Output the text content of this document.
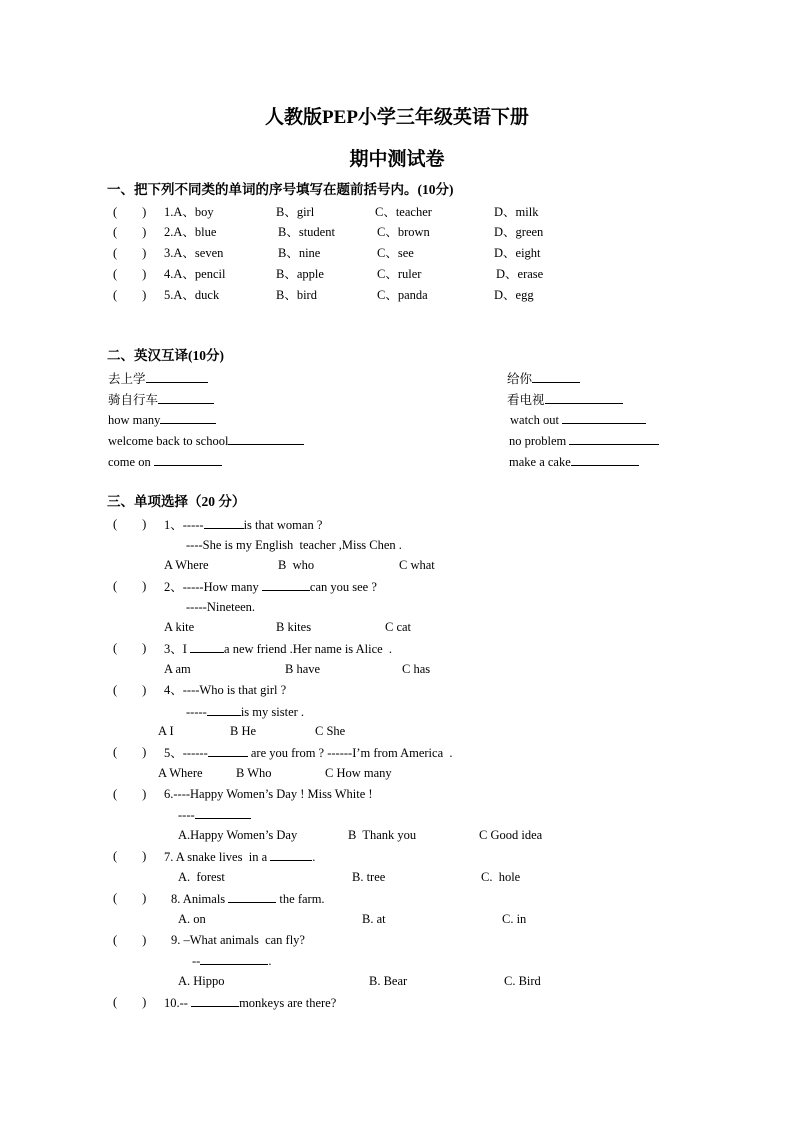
人教版PEP小学三年级英语下册
期中测试卷
一、把下列不同类的单词的序号填写在题前括号内。(10分)
(        ) 1.A、boy	B、girl	C、teacher	D、milk
(        ) 2.A、blue	B、student	C、brown	D、green
(        ) 3.A、seven	B、nine	C、see	D、eight
(        ) 4.A、pencil	B、apple	C、ruler	D、erase
(        ) 5.A、duck	B、bird	C、panda	D、egg
二、英汉互译(10分)
去上学
骑自行车
how many
welcome back to school
come on
给你
看电视
watch out
no problem
make a cake
三、单项选择（20 分）
(        ) 1、-----	is that woman ?
----She is my English  teacher ,Miss Chen .
A Where	B  who	C what
(        ) 2、-----How many	can you see ?
-----Nineteen.
A kite	B kites	C cat
(        ) 3、I	a new friend .Her name is Alice  .
A am	B have	C has
(        ) 4、----Who is that girl ?
-----	is my sister .
A I	B He	C She
(        ) 5、------	are you from ? ------I’m from America  .
A Where	B Who	C How many
(        ) 6.----Happy Women’s Day ! Miss White !
----
A.Happy Women’s Day	B  Thank you	C Good idea
(        ) 7. A snake lives  in a	.
A.  forest	B. tree	C.  hole
(        ) 8. Animals	the farm.
A. on	B. at	C. in
(        ) 9. –What animals  can fly?
--	.
A. Hippo	B. Bear	C. Bird
(        ) 10.--	monkeys are there?
